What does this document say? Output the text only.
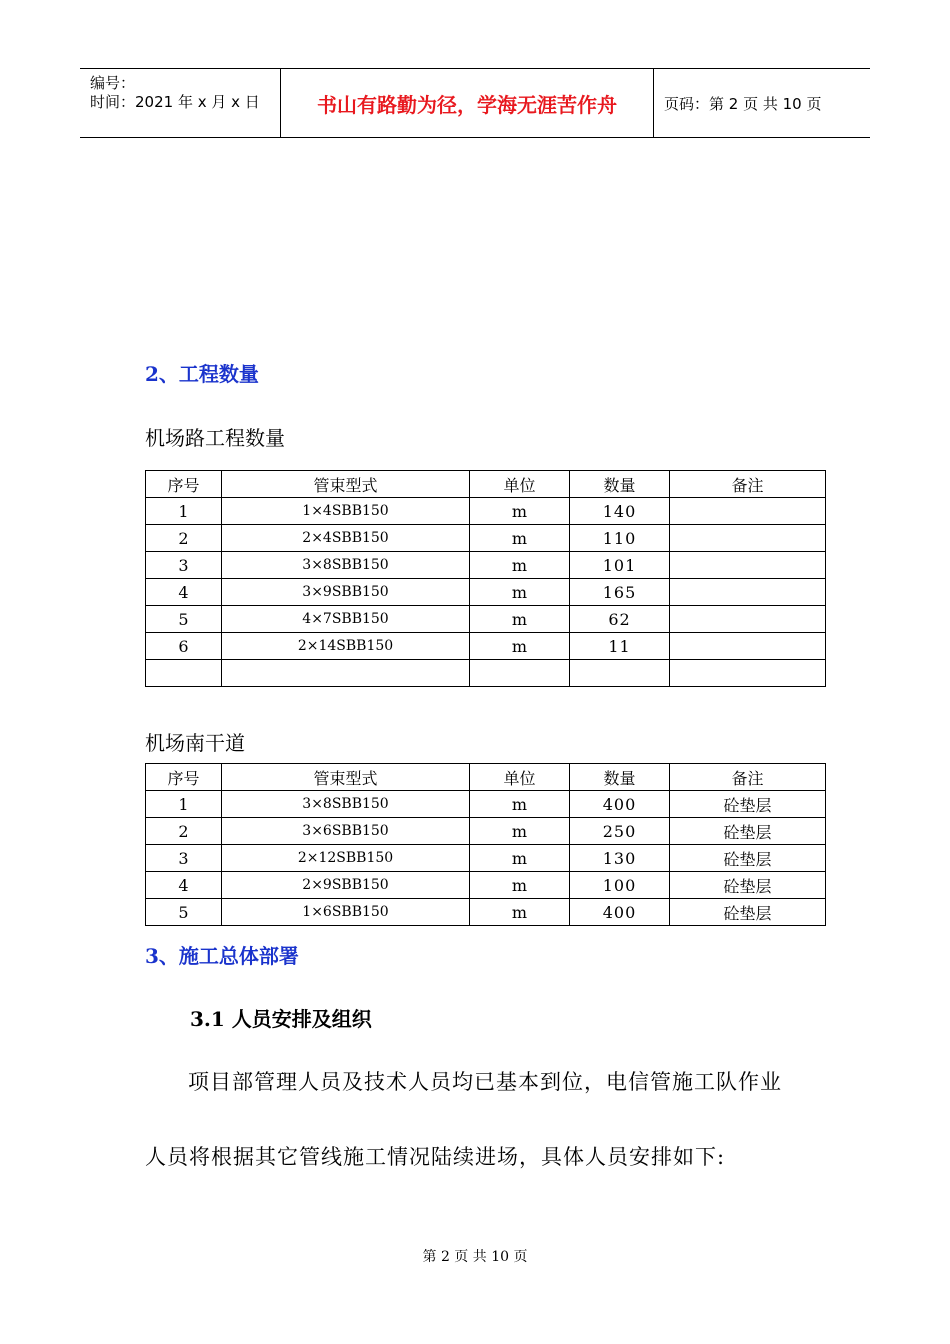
编号：
时间：2021 年 x 月 x 日	书山有路勤为径，学海无涯苦作舟	页码：第 2 页 共 10 页
2、工程数量
机场路工程数量
序号	管束型式	单位	数量	备注
1	1×4SBB150	m	140	
2	2×4SBB150	m	110	
3	3×8SBB150	m	101	
4	3×9SBB150	m	165	
5	4×7SBB150	m	62	
6	2×14SBB150	m	11	

机场南干道
序号	管束型式	单位	数量	备注
1	3×8SBB150	m	400	砼垫层
2	3×6SBB150	m	250	砼垫层
3	2×12SBB150	m	130	砼垫层
4	2×9SBB150	m	100	砼垫层
5	1×6SBB150	m	400	砼垫层
3、施工总体部署
3.1 人员安排及组织
项目部管理人员及技术人员均已基本到位，电信管施工队作业
人员将根据其它管线施工情况陆续进场，具体人员安排如下:
第 2 页 共 10 页
